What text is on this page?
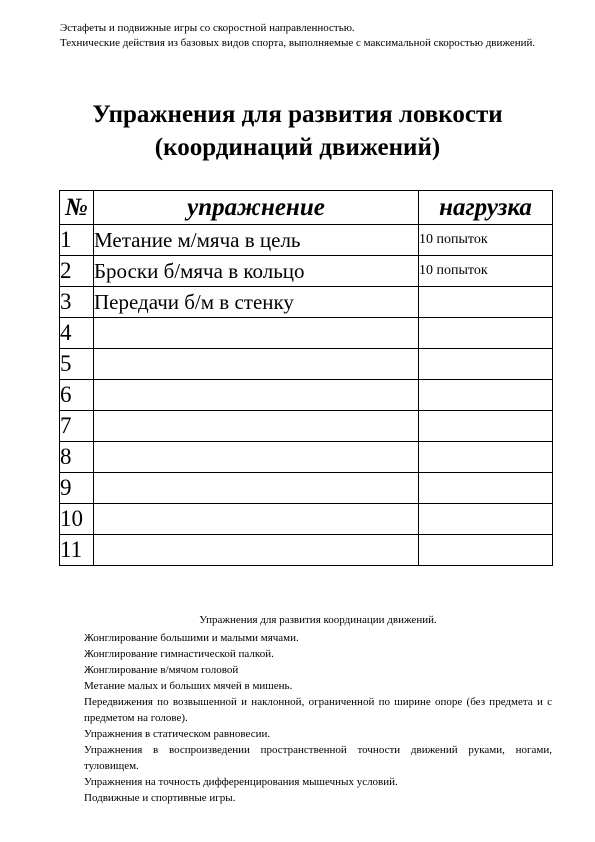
Эстафеты и подвижные игры со скоростной направленностью.

Технические действия из базовых видов спорта, выполняемые с максимальной скоростью движений.

Упражнения для развития ловкости
(координаций движений)
№	упражнение	нагрузка
1	Метание м/мяча в цель	10 попыток
2	Броски б/мяча в кольцо	10 попыток
3	Передачи б/м в стенку	
4		
5		
6		
7		
8		
9		
10		
11		

Упражнения для развития координации движений.

Жонглирование большими и малыми мячами.
Жонглирование гимнастической палкой.
Жонглирование в/мячом головой
Метание малых и больших мячей в мишень.
Передвижения по возвышенной и наклонной, ограниченной по ширине опоре (без предмета и с предметом на голове).
Упражнения в статическом равновесии.
Упражнения в воспроизведении пространственной точности движений руками, ногами, туловищем.
Упражнения на точность дифференцирования мышечных условий.
Подвижные и спортивные игры.
